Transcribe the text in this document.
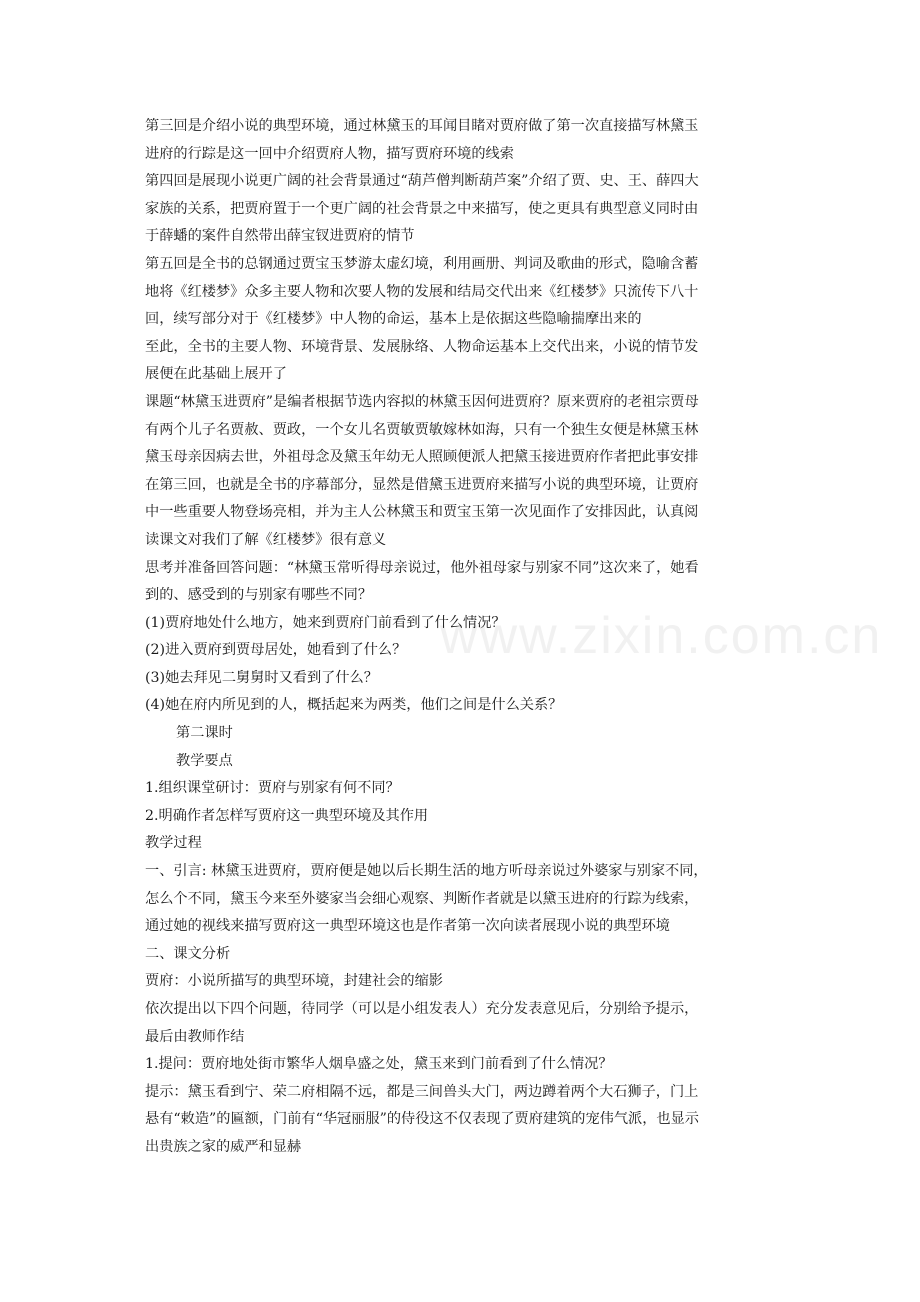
www.zixin.com.cn
第三回是介绍小说的典型环境，通过林黛玉的耳闻目睹对贾府做了第一次直接描写林黛玉
进府的行踪是这一回中介绍贾府人物，描写贾府环境的线索
第四回是展现小说更广阔的社会背景通过“葫芦僧判断葫芦案”介绍了贾、史、王、薛四大
家族的关系，把贾府置于一个更广阔的社会背景之中来描写，使之更具有典型意义同时由
于薛蟠的案件自然带出薛宝钗进贾府的情节
第五回是全书的总钢通过贾宝玉梦游太虚幻境，利用画册、判词及歌曲的形式，隐喻含蓄
地将《红楼梦》众多主要人物和次要人物的发展和结局交代出来《红楼梦》只流传下八十
回，续写部分对于《红楼梦》中人物的命运，基本上是依据这些隐喻揣摩出来的
至此，全书的主要人物、环境背景、发展脉络、人物命运基本上交代出来，小说的情节发
展便在此基础上展开了
课题“林黛玉进贾府”是编者根据节选内容拟的林黛玉因何进贾府？原来贾府的老祖宗贾母
有两个儿子名贾赦、贾政，一个女儿名贾敏贾敏嫁林如海，只有一个独生女便是林黛玉林
黛玉母亲因病去世，外祖母念及黛玉年幼无人照顾便派人把黛玉接进贾府作者把此事安排
在第三回，也就是全书的序幕部分，显然是借黛玉进贾府来描写小说的典型环境，让贾府
中一些重要人物登场亮相，并为主人公林黛玉和贾宝玉第一次见面作了安排因此，认真阅
读课文对我们了解《红楼梦》很有意义
思考并准备回答问题：“林黛玉常听得母亲说过，他外祖母家与别家不同”这次来了，她看
到的、感受到的与别家有哪些不同？
(1)贾府地处什么地方，她来到贾府门前看到了什么情况？
(2)进入贾府到贾母居处，她看到了什么？
(3)她去拜见二舅舅时又看到了什么？
(4)她在府内所见到的人，概括起来为两类，他们之间是什么关系？
第二课时
教学要点
1.组织课堂研讨：贾府与别家有何不同？
2.明确作者怎样写贾府这一典型环境及其作用
教学过程
一、引言: 林黛玉进贾府，贾府便是她以后长期生活的地方听母亲说过外婆家与别家不同，
怎么个不同，黛玉今来至外婆家当会细心观察、判断作者就是以黛玉进府的行踪为线索，
通过她的视线来描写贾府这一典型环境这也是作者第一次向读者展现小说的典型环境
二、课文分析
贾府：小说所描写的典型环境，封建社会的缩影
依次提出以下四个问题，待同学（可以是小组发表人）充分发表意见后，分别给予提示，
最后由教师作结
1.提问：贾府地处街市繁华人烟阜盛之处，黛玉来到门前看到了什么情况？
提示：黛玉看到宁、荣二府相隔不远，都是三间兽头大门，两边蹲着两个大石狮子，门上
悬有“敕造”的匾额，门前有“华冠丽服”的侍役这不仅表现了贾府建筑的宠伟气派，也显示
出贵族之家的威严和显赫
